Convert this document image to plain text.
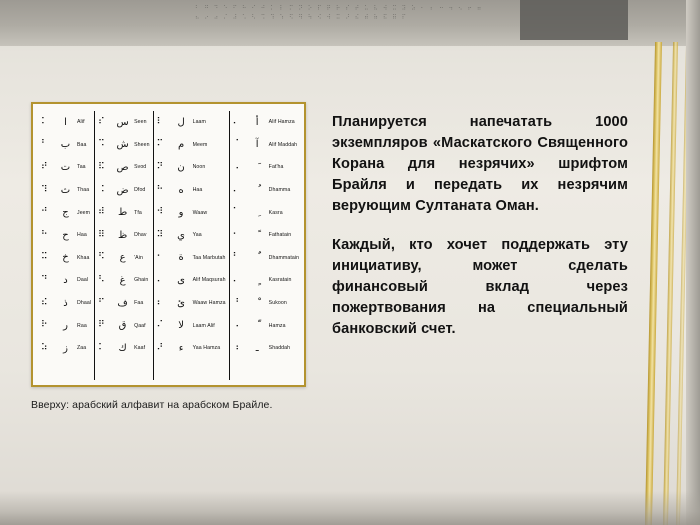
⠃⠛⠙⠑⠋⠓⠊⠚⠅⠇⠍⠝⠕⠏⠟⠗⠎⠞⠥⠧⠺⠭⠽⠵⠂⠆⠒⠲⠢⠖⠶⠦⠔⠴⠌⠼⠡⠣⠩⠹⠱⠫⠻⠳⠪⠺⠭⠜⠮⠾⠷⠯⠿⠏
⠅	ا	Alif
⠃	ب	Baa
⠞	ت	Taa
⠹	ث	Thaa
⠚	ج	Jeem
⠓	ح	Haa
⠭	خ	Khaa
⠙	د	Daal
⠮	ذ	Dhaal
⠗	ر	Raa
⠵	ز	Zaa
⠎	س	Seen
⠩	ش	Sheen
⠯	ص	Svod
⠨	ض	Dfod
⠾	ط	Tfa
⠿	ظ	Dhav
⠫	ع	'Ain
⠣	غ	Ghain
⠋	ف	Faa
⠟	ق	Qaaf
⠅	ك	Kaaf
⠇	ل	Laam
⠍	م	Meem
⠝	ن	Noon
⠓	ه	Haa
⠺	و	Waaw
⠽	ي	Yaa
⠂	ة	Taa Marbutah
⠄	ى	Alif Maqsurah
⠆	ئ	Waaw Hamza
⠌	لا	Laam Alif
⠜	ء	Yaa Hamza
⠄	أ	Alif Hamza
⠈	آ	Alif Maddah
⠠	Fat'ha
⠄	Dhamma
⠁	Kasra
⠂	Fathatain
⠃	Dhammatain
⠄	Kasratain
⠘	Sukoon
⠠	Hamza
⠰	ـ	Shaddah
Вверху: арабский алфавит на арабском Брайле.

Планируется напечатать 1000 экземпляров «Маскатского Священного Корана для незрячих» шрифтом Брайля и передать их незрячим верующим Султаната Оман.

Каждый, кто хочет поддержать эту инициативу, может сделать финансовый вклад через пожертвования на специальный банковский счет.
